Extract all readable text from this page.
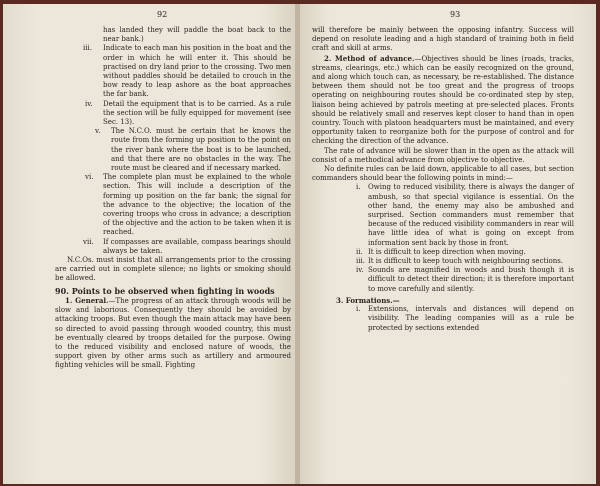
92

has landed they will paddle the boat back to the near bank.)

iii. Indicate to each man his position in the boat and the order in which he will enter it. This should be practised on dry land prior to the crossing. Two men without paddles should be detailed to crouch in the bow ready to leap ashore as the boat approaches the far bank.

iv. Detail the equipment that is to be carried. As a rule the section will be fully equipped for movement (see Sec. 13).

v. The N.C.O. must be certain that he knows the route from the forming up position to the point on the river bank where the boat is to be launched, and that there are no obstacles in the way. The route must be cleared and if necessary marked.

vi. The complete plan must be explained to the whole section. This will include a description of the forming up position on the far bank; the signal for the advance to the objective; the location of the covering troops who cross in advance; a description of the objective and the action to be taken when it is reached.

vii. If compasses are available, compass bearings should always be taken.

N.C.Os. must insist that all arrangements prior to the crossing are carried out in complete silence; no lights or smoking should be allowed.

90. Points to be observed when fighting in woods

1. General.—The progress of an attack through woods will be slow and laborious. Consequently they should be avoided by attacking troops. But even though the main attack may have been so directed to avoid passing through wooded country, this must be eventually cleared by troops detailed for the purpose. Owing to the reduced visibility and enclosed nature of woods, the support given by other arms such as artillery and armoured fighting vehicles will be small. Fighting

93

will therefore be mainly between the opposing infantry. Success will depend on resolute leading and a high standard of training both in field craft and skill at arms.

2. Method of advance.—Objectives should be lines (roads, tracks, streams, clearings, etc.) which can be easily recognized on the ground, and along which touch can, as necessary, be re-established. The distance between them should not be too great and the progress of troops operating on neighbouring routes should be co-ordinated step by step, liaison being achieved by patrols meeting at pre-selected places. Fronts should be relatively small and reserves kept closer to hand than in open country. Touch with platoon headquarters must be maintained, and every opportunity taken to reorganize both for the purpose of control and for checking the direction of the advance.

The rate of advance will be slower than in the open as the attack will consist of a methodical advance from objective to objective.

No definite rules can be laid down, applicable to all cases, but section commanders should bear the following points in mind:—

i. Owing to reduced visibility, there is always the danger of ambush, so that special vigilance is essential. On the other hand, the enemy may also be ambushed and surprised. Section commanders must remember that because of the reduced visibility commanders in rear will have little idea of what is going on except from information sent back by those in front.

ii. It is difficult to keep direction when moving.

iii. It is difficult to keep touch with neighbouring sections.

iv. Sounds are magnified in woods and bush though it is difficult to detect their direction; it is therefore important to move carefully and silently.

3. Formations.—

i. Extensions, intervals and distances will depend on visibility. The leading companies will as a rule be protected by sections extended
